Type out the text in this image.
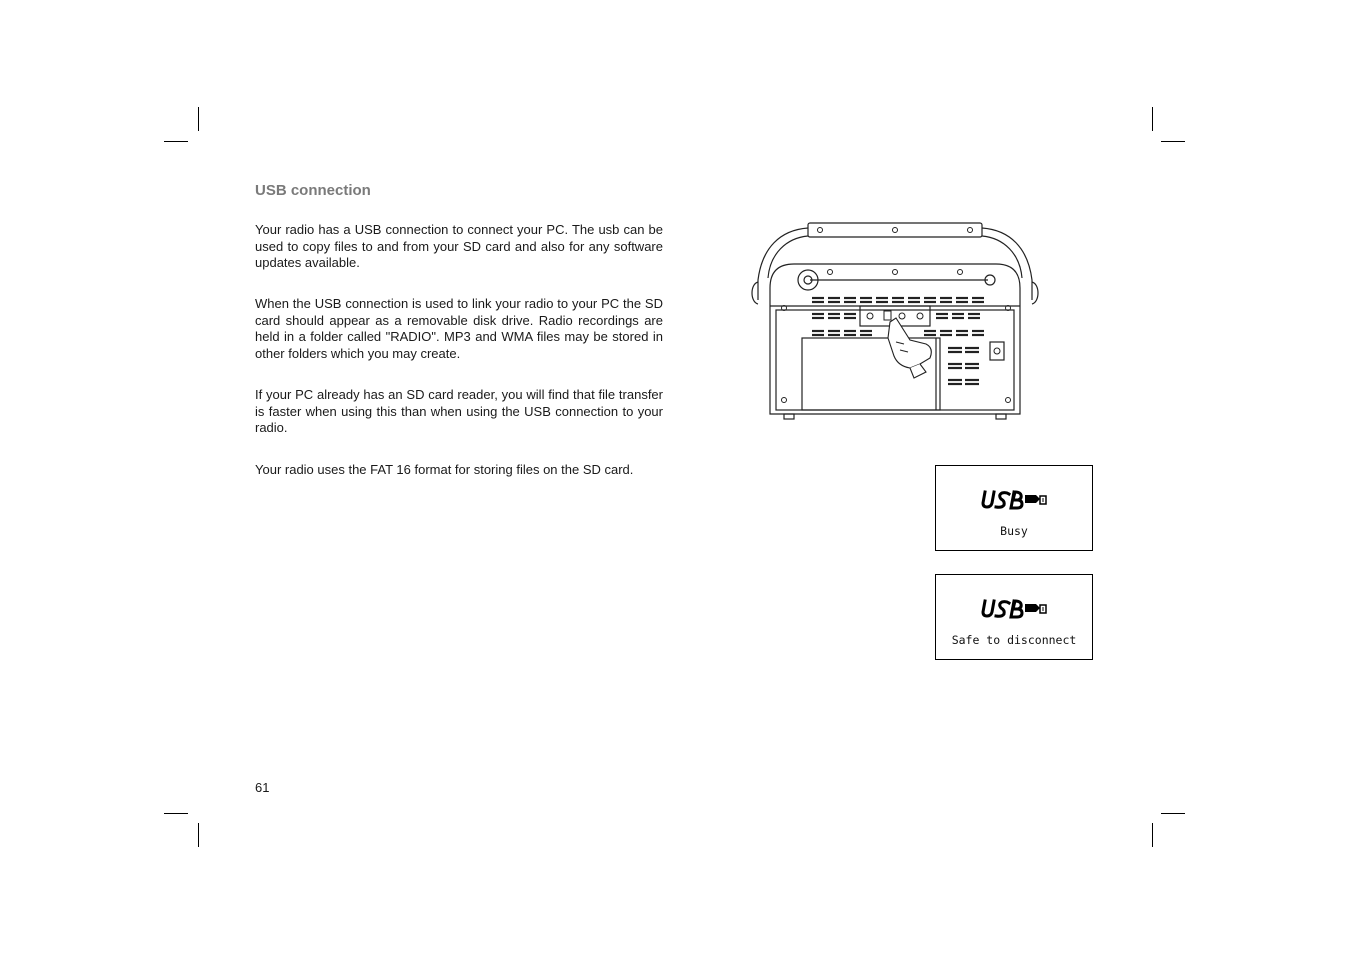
USB connection

Your radio has a USB connection to connect your PC. The usb can be used to copy files to and from your SD card and also for any software updates available.

When the USB connection is used to link your radio to your PC the SD card should appear as a removable disk drive. Radio recordings are held in a folder called "RADIO". MP3 and WMA files may be stored in other folders which you may create.

If your PC already has an SD card reader, you will find that file transfer is faster when using this than when using the USB connection to your radio.

Your radio uses the FAT 16 format for storing files on the SD card.

Busy
Safe to disconnect
61
